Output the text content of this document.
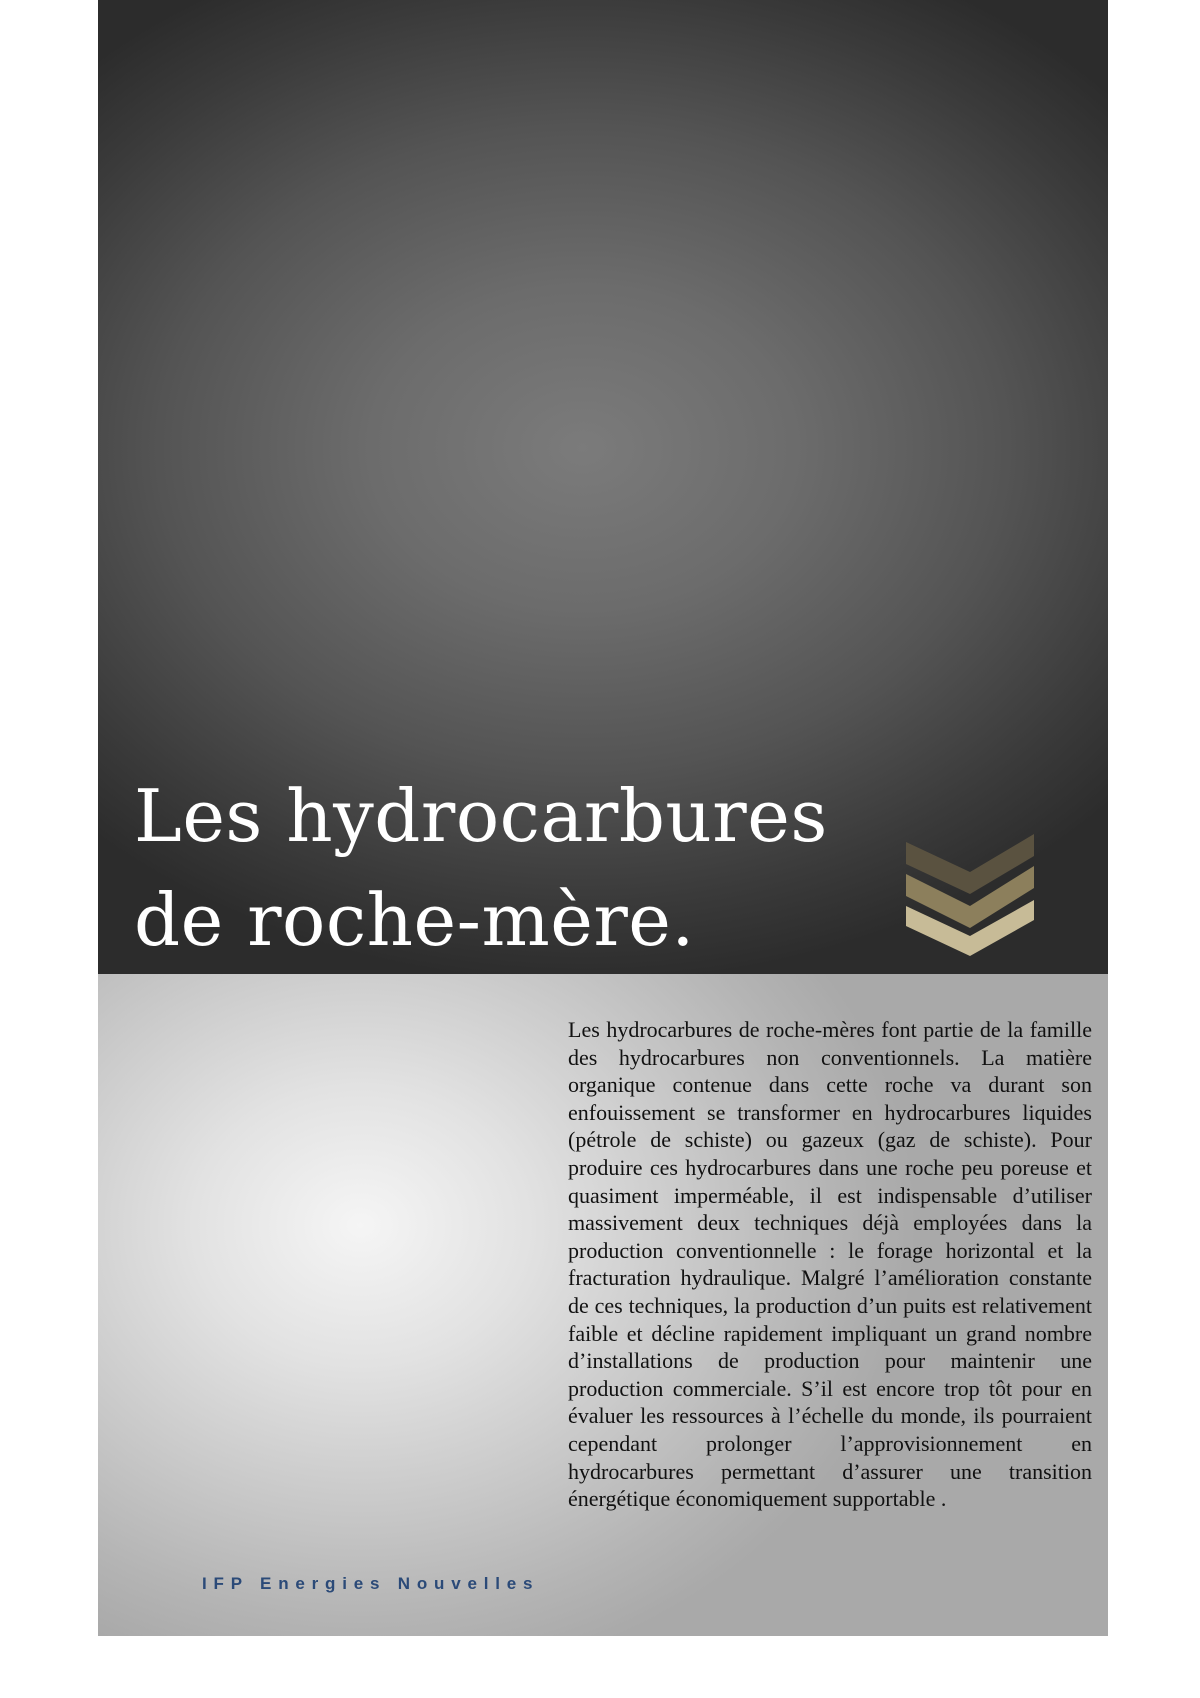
Les hydrocarbures
de roche-mère.

Les hydrocarbures de roche-mères font partie de la famille des hydrocarbures non conventionnels. La matière organique contenue dans cette roche va durant son enfouissement se transformer en hydrocarbures liquides (pétrole de schiste) ou gazeux (gaz de schiste). Pour produire ces hydrocarbures dans une roche peu poreuse et quasiment imperméable, il est indispensable d’utiliser massivement deux techniques déjà employées dans la production conventionnelle : le forage horizontal et la fracturation hydraulique. Malgré l’amélioration constante de ces techniques, la production d’un puits est relativement faible et décline rapidement impliquant un grand nombre d’installations de production pour maintenir une production commerciale. S’il est encore trop tôt pour en évaluer les ressources à l’échelle du monde, ils pourraient cependant prolonger l’approvisionnement en hydrocarbures permettant d’assurer une transition énergétique économiquement supportable .

IFP Energies Nouvelles
